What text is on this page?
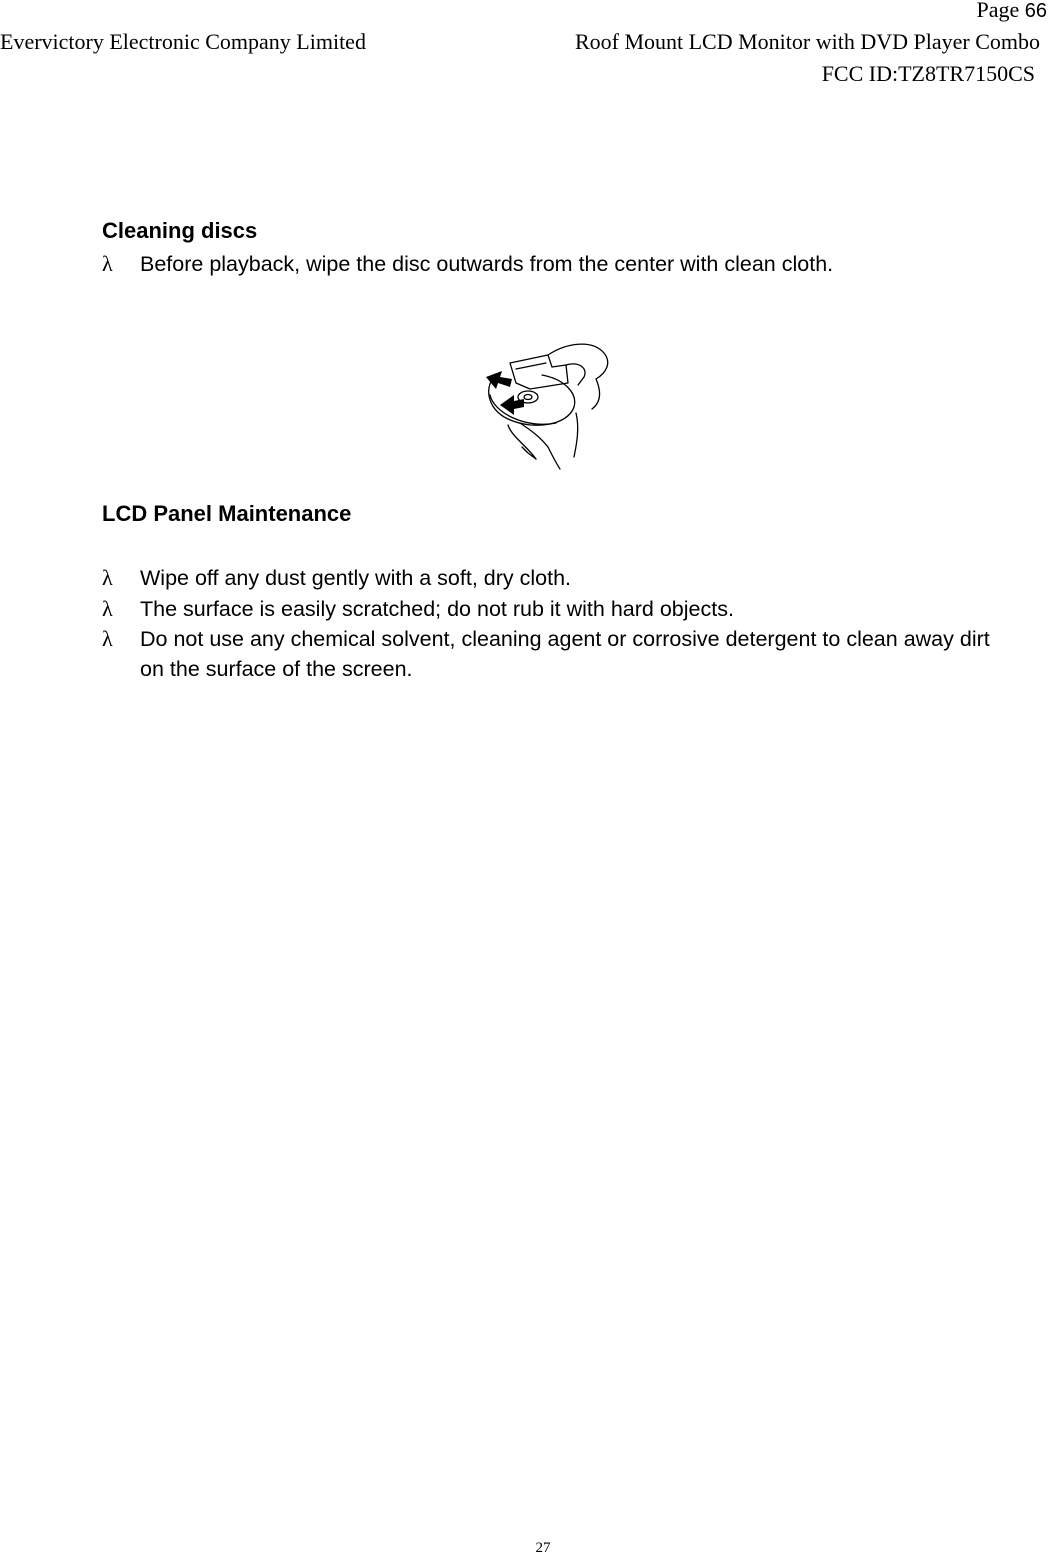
Page 66
Evervictory Electronic Company Limited	Roof Mount LCD Monitor with DVD Player Combo
FCC ID:TZ8TR7150CS
Cleaning discs
λ Before playback, wipe the disc outwards from the center with clean cloth.
LCD Panel Maintenance
λ Wipe off any dust gently with a soft, dry cloth.
λ The surface is easily scratched; do not rub it with hard objects.
λ Do not use any chemical solvent, cleaning agent or corrosive detergent to clean away dirt on the surface of the screen.
27
